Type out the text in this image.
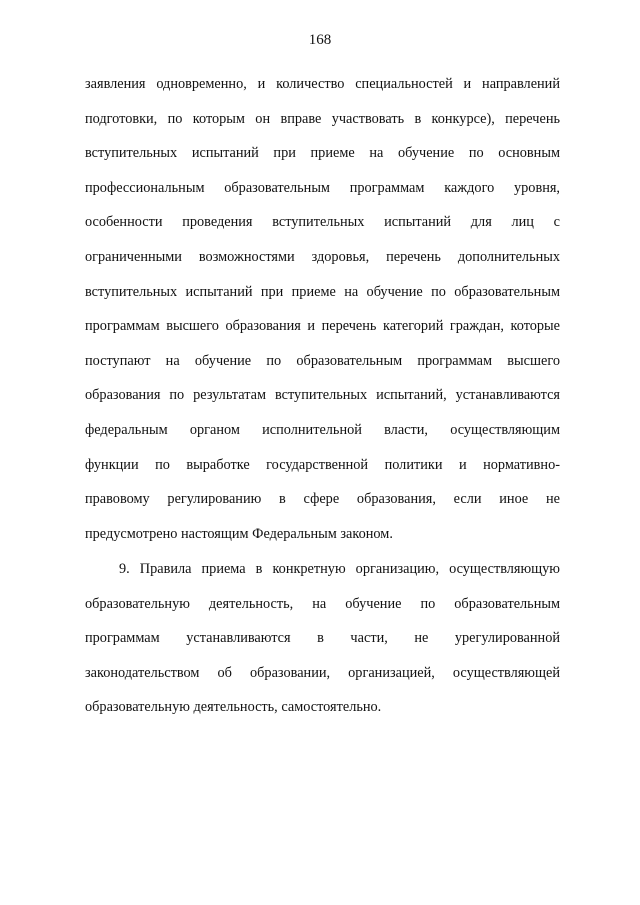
168
заявления одновременно, и количество специальностей и направлений
подготовки, по которым он вправе участвовать в конкурсе), перечень
вступительных испытаний при приеме на обучение по основным
профессиональным образовательным программам каждого уровня,
особенности проведения вступительных испытаний для лиц с
ограниченными возможностями здоровья, перечень дополнительных
вступительных испытаний при приеме на обучение по образовательным
программам высшего образования и перечень категорий граждан, которые
поступают на обучение по образовательным программам высшего
образования по результатам вступительных испытаний, устанавливаются
федеральным органом исполнительной власти, осуществляющим
функции по выработке государственной политики и нормативно-
правовому регулированию в сфере образования, если иное не
предусмотрено настоящим Федеральным законом.
9. Правила приема в конкретную организацию, осуществляющую
образовательную деятельность, на обучение по образовательным
программам устанавливаются в части, не урегулированной
законодательством об образовании, организацией, осуществляющей
образовательную деятельность, самостоятельно.
